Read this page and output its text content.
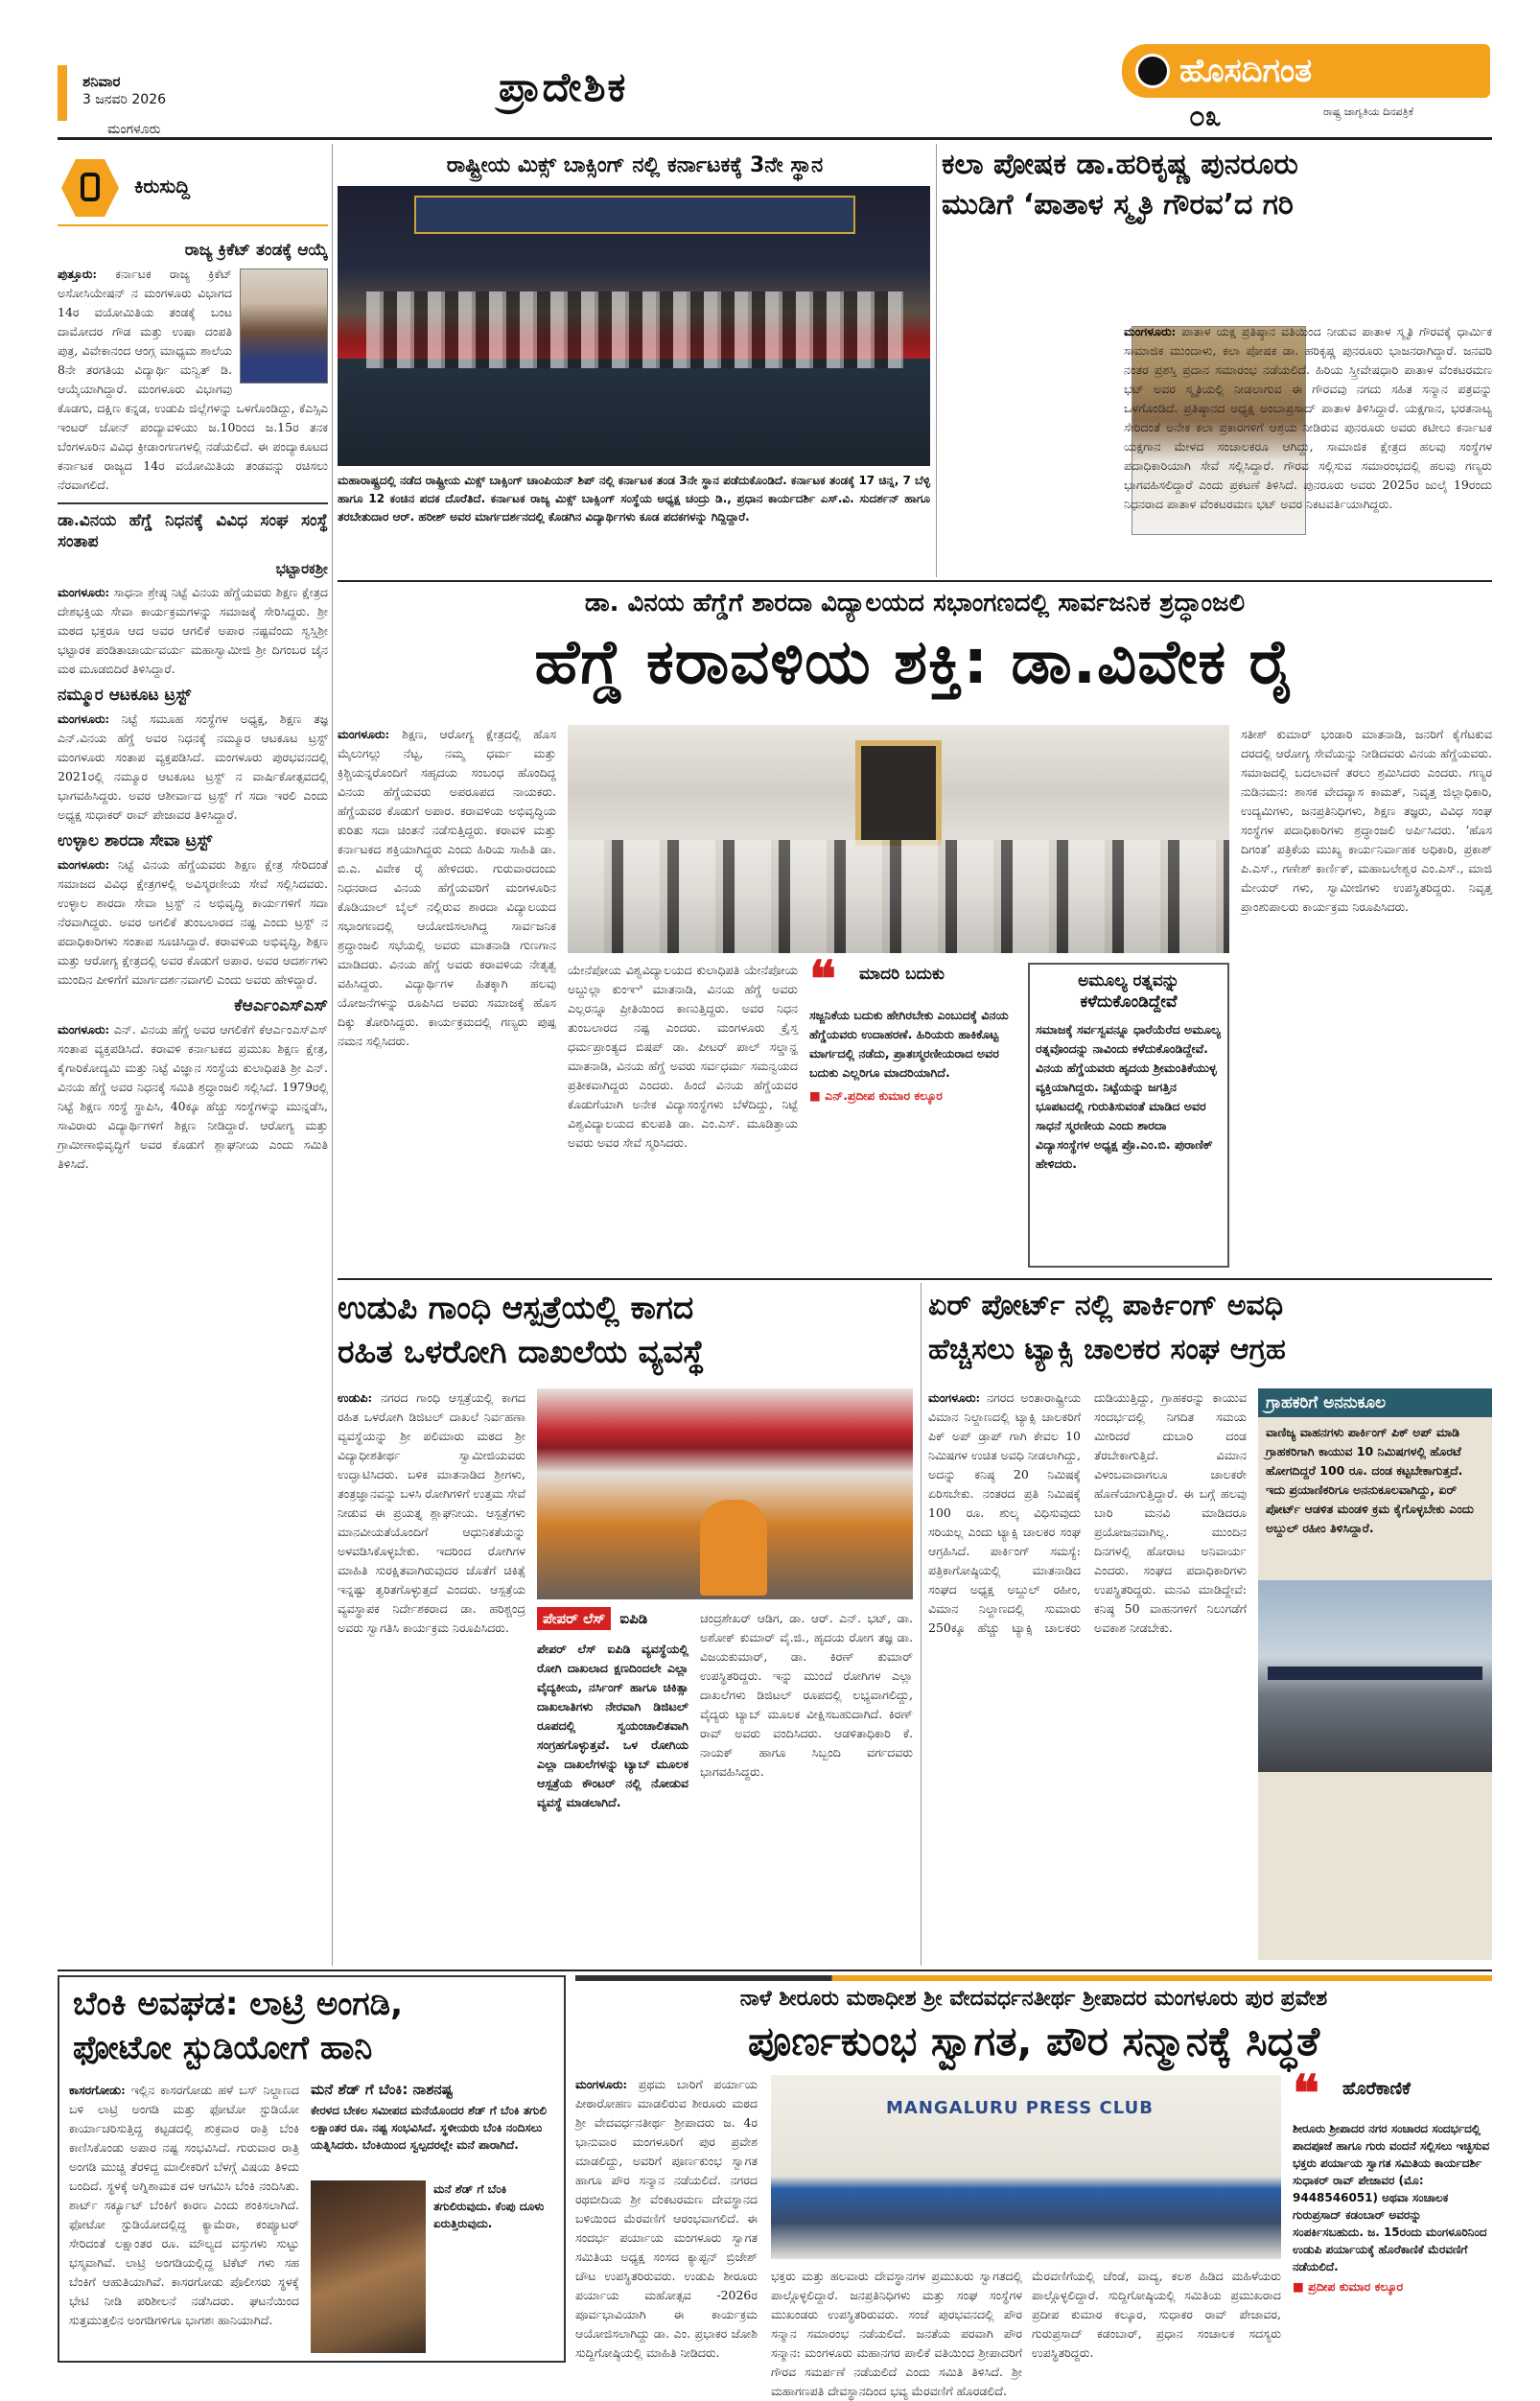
ಶನಿವಾರ
3 ಜನವರಿ 2026
ಮಂಗಳೂರು
ಪ್ರಾದೇಶಿಕ	ಹೊಸದಿಗಂತ
೦೩	ರಾಷ್ಟ್ರ ಜಾಗೃತಿಯ ದಿನಪತ್ರಿಕೆ
ಕಿರುಸುದ್ದಿ
ರಾಜ್ಯ ಕ್ರಿಕೆಟ್ ತಂಡಕ್ಕೆ ಆಯ್ಕೆ

ಪುತ್ತೂರು: ಕರ್ನಾಟಕ ರಾಜ್ಯ ಕ್ರಿಕೆಟ್ ಅಸೋಸಿಯೇಷನ್ ನ ಮಂಗಳೂರು ವಿಭಾಗದ 14ರ ವಯೋಮಿತಿಯ ತಂಡಕ್ಕೆ ಬಂಟ ದಾಮೋದರ ಗೌಡ ಮತ್ತು ಉಷಾ ದಂಪತಿ ಪುತ್ರ, ವಿವೇಕಾನಂದ ಆಂಗ್ಲ ಮಾಧ್ಯಮ ಶಾಲೆಯ 8ನೇ ತರಗತಿಯ ವಿದ್ಯಾರ್ಥಿ ಮನ್ವಿತ್ ಡಿ. ಆಯ್ಕೆಯಾಗಿದ್ದಾರೆ. ಮಂಗಳೂರು ವಿಭಾಗವು ಕೊಡಗು, ದಕ್ಷಿಣ ಕನ್ನಡ, ಉಡುಪಿ ಜಿಲ್ಲೆಗಳನ್ನು ಒಳಗೊಂಡಿದ್ದು, ಕೆಎಸ್ಸಿಎ ಇಂಟರ್ ಜೋನ್ ಪಂದ್ಯಾವಳಿಯು ಜ.10ರಿಂದ ಜ.15ರ ತನಕ ಬೆಂಗಳೂರಿನ ವಿವಿಧ ಕ್ರೀಡಾಂಗಣಗಳಲ್ಲಿ ನಡೆಯಲಿದೆ. ಈ ಪಂದ್ಯಾಕೂಟದ ಕರ್ನಾಟಕ ರಾಜ್ಯದ 14ರ ವಯೋಮಿತಿಯ ತಂಡವನ್ನು ರಚಿಸಲು ನೆರವಾಗಲಿದೆ.

ಡಾ.ವಿನಯ ಹೆಗ್ಡೆ ನಿಧನಕ್ಕೆ ವಿವಿಧ ಸಂಘ ಸಂಸ್ಥೆ ಸಂತಾಪ
ಭಟ್ಟಾರಕಶ್ರೀ

ಮಂಗಳೂರು: ಸಾಧನಾ ಶ್ರೇಷ್ಠ ನಿಟ್ಟೆ ವಿನಯ ಹೆಗ್ಡೆಯವರು ಶಿಕ್ಷಣ ಕ್ಷೇತ್ರದ ದೇಶಭಕ್ತಿಯ ಸೇವಾ ಕಾರ್ಯಕ್ರಮಗಳನ್ನು ಸಮಾಜಕ್ಕೆ ಸೇರಿಸಿದ್ದರು. ಶ್ರೀ ಮಠದ ಭಕ್ತರೂ ಆದ ಅವರ ಆಗಲಿಕೆ ಅಪಾರ ನಷ್ಟವೆಂದು ಸ್ವಸ್ತಿಶ್ರೀ ಭಟ್ಟಾರಕ ಪಂಡಿತಾಚಾರ್ಯವರ್ಯ ಮಹಾಸ್ವಾಮೀಜಿ ಶ್ರೀ ದಿಗಂಬರ ಜೈನ ಮಠ ಮೂಡಬಿದಿರೆ ತಿಳಿಸಿದ್ದಾರೆ.

ನಮ್ಮೂರ ಆಟಕೂಟ ಟ್ರಸ್ಟ್

ಮಂಗಳೂರು: ನಿಟ್ಟೆ ಸಮೂಹ ಸಂಸ್ಥೆಗಳ ಅಧ್ಯಕ್ಷ, ಶಿಕ್ಷಣ ತಜ್ಞ ಎನ್.ವಿನಯ ಹೆಗ್ಡೆ ಅವರ ನಿಧನಕ್ಕೆ ನಮ್ಮೂರ ಆಟಕೂಟ ಟ್ರಸ್ಟ್ ಮಂಗಳೂರು ಸಂತಾಪ ವ್ಯಕ್ತಪಡಿಸಿದೆ. ಮಂಗಳೂರು ಪುರಭವನದಲ್ಲಿ 2021ರಲ್ಲಿ ನಮ್ಮೂರ ಆಟಕೂಟ ಟ್ರಸ್ಟ್ ನ ವಾರ್ಷಿಕೋತ್ಸವದಲ್ಲಿ ಭಾಗವಹಿಸಿದ್ದರು. ಅವರ ಆಶೀರ್ವಾದ ಟ್ರಸ್ಟ್ ಗೆ ಸದಾ ಇರಲಿ ಎಂದು ಅಧ್ಯಕ್ಷ ಸುಧಾಕರ್ ರಾವ್ ಪೇಜಾವರ ತಿಳಿಸಿದ್ದಾರೆ.

ಉಳ್ಳಾಲ ಶಾರದಾ ಸೇವಾ ಟ್ರಸ್ಟ್

ಮಂಗಳೂರು: ನಿಟ್ಟೆ ವಿನಯ ಹೆಗ್ಡೆಯವರು ಶಿಕ್ಷಣ ಕ್ಷೇತ್ರ ಸೇರಿದಂತೆ ಸಮಾಜದ ವಿವಿಧ ಕ್ಷೇತ್ರಗಳಲ್ಲಿ ಅವಿಸ್ಮರಣೀಯ ಸೇವೆ ಸಲ್ಲಿಸಿದವರು. ಉಳ್ಳಾಲ ಶಾರದಾ ಸೇವಾ ಟ್ರಸ್ಟ್ ನ ಅಭಿವೃದ್ಧಿ ಕಾರ್ಯಗಳಿಗೆ ಸದಾ ನೆರವಾಗಿದ್ದರು. ಅವರ ಅಗಲಿಕೆ ತುಂಬಲಾರದ ನಷ್ಟ ಎಂದು ಟ್ರಸ್ಟ್ ನ ಪದಾಧಿಕಾರಿಗಳು ಸಂತಾಪ ಸೂಚಿಸಿದ್ದಾರೆ. ಕರಾವಳಿಯ ಅಭಿವೃದ್ಧಿ, ಶಿಕ್ಷಣ ಮತ್ತು ಆರೋಗ್ಯ ಕ್ಷೇತ್ರದಲ್ಲಿ ಅವರ ಕೊಡುಗೆ ಅಪಾರ. ಅವರ ಆದರ್ಶಗಳು ಮುಂದಿನ ಪೀಳಿಗೆಗೆ ಮಾರ್ಗದರ್ಶನವಾಗಲಿ ಎಂದು ಅವರು ಹೇಳಿದ್ದಾರೆ.

ಕೆಆರ್ಎಂಎಸ್ಎಸ್

ಮಂಗಳೂರು: ಎನ್. ವಿನಯ ಹೆಗ್ಡೆ ಅವರ ಆಗಲಿಕೆಗೆ ಕೆಆರ್ಎಂಎಸ್ಎಸ್ ಸಂತಾಪ ವ್ಯಕ್ತಪಡಿಸಿದೆ. ಕರಾವಳಿ ಕರ್ನಾಟಕದ ಪ್ರಮುಖ ಶಿಕ್ಷಣ ಕ್ಷೇತ್ರ, ಕೈಗಾರಿಕೋದ್ಯಮಿ ಮತ್ತು ನಿಟ್ಟೆ ವಿಜ್ಞಾನ ಸಂಸ್ಥೆಯ ಕುಲಾಧಿಪತಿ ಶ್ರೀ ಎನ್. ವಿನಯ ಹೆಗ್ಡೆ ಅವರ ನಿಧನಕ್ಕೆ ಸಮಿತಿ ಶ್ರದ್ಧಾಂಜಲಿ ಸಲ್ಲಿಸಿದೆ. 1979ರಲ್ಲಿ ನಿಟ್ಟೆ ಶಿಕ್ಷಣ ಸಂಸ್ಥೆ ಸ್ಥಾಪಿಸಿ, 40ಕ್ಕೂ ಹೆಚ್ಚು ಸಂಸ್ಥೆಗಳನ್ನು ಮುನ್ನಡೆಸಿ, ಸಾವಿರಾರು ವಿದ್ಯಾರ್ಥಿಗಳಿಗೆ ಶಿಕ್ಷಣ ನೀಡಿದ್ದಾರೆ. ಆರೋಗ್ಯ ಮತ್ತು ಗ್ರಾಮೀಣಾಭಿವೃದ್ಧಿಗೆ ಅವರ ಕೊಡುಗೆ ಶ್ಲಾಘನೀಯ ಎಂದು ಸಮಿತಿ ತಿಳಿಸಿದೆ.

ರಾಷ್ಟ್ರೀಯ ಮಿಕ್ಸ್ ಬಾಕ್ಸಿಂಗ್ ನಲ್ಲಿ ಕರ್ನಾಟಕಕ್ಕೆ 3ನೇ ಸ್ಥಾನ
ಮಹಾರಾಷ್ಟ್ರದಲ್ಲಿ ನಡೆದ ರಾಷ್ಟ್ರೀಯ ಮಿಕ್ಸ್ ಬಾಕ್ಸಿಂಗ್ ಚಾಂಪಿಯನ್ ಶಿಪ್ ನಲ್ಲಿ ಕರ್ನಾಟಕ ತಂಡ 3ನೇ ಸ್ಥಾನ ಪಡೆದುಕೊಂಡಿದೆ. ಕರ್ನಾಟಕ ತಂಡಕ್ಕೆ 17 ಚಿನ್ನ, 7 ಬೆಳ್ಳಿ ಹಾಗೂ 12 ಕಂಚಿನ ಪದಕ ದೊರೆತಿದೆ. ಕರ್ನಾಟಕ ರಾಜ್ಯ ಮಿಕ್ಸ್ ಬಾಕ್ಸಿಂಗ್ ಸಂಸ್ಥೆಯ ಅಧ್ಯಕ್ಷ ಚಂದ್ರು ಡಿ., ಪ್ರಧಾನ ಕಾರ್ಯದರ್ಶಿ ಎಸ್.ವಿ. ಸುದರ್ಶನ್ ಹಾಗೂ ತರಬೇತುದಾರ ಆರ್. ಹರೀಶ್ ಅವರ ಮಾರ್ಗದರ್ಶನದಲ್ಲಿ ಕೊಡಗಿನ ವಿದ್ಯಾರ್ಥಿಗಳು ಕೂಡ ಪದಕಗಳನ್ನು ಗಿದ್ದಿದ್ದಾರೆ.
ಕಲಾ ಪೋಷಕ ಡಾ.ಹರಿಕೃಷ್ಣ ಪುನರೂರು
ಮುಡಿಗೆ ‘ಪಾತಾಳ ಸ್ಮೃತಿ ಗೌರವ’ದ ಗರಿ

ಮಂಗಳೂರು: ಪಾತಾಳ ಯಕ್ಷ ಪ್ರತಿಷ್ಠಾನ ವತಿಯಿಂದ ನೀಡುವ ಪಾತಾಳ ಸ್ಮೃತಿ ಗೌರವಕ್ಕೆ ಧಾರ್ಮಿಕ ಸಾಮಾಜಿಕ ಮುಂದಾಳು, ಕಲಾ ಪೋಷಕ ಡಾ. ಹರಿಕೃಷ್ಣ ಪುನರೂರು ಭಾಜನರಾಗಿದ್ದಾರೆ. ಜನವರಿ ನಂತರ ಪ್ರಶಸ್ತಿ ಪ್ರದಾನ ಸಮಾರಂಭ ನಡೆಯಲಿದೆ. ಹಿರಿಯ ಸ್ತ್ರೀವೇಷಧಾರಿ ಪಾತಾಳ ವೆಂಕಟರಮಣ ಭಟ್ ಅವರ ಸ್ಮೃತಿಯಲ್ಲಿ ನೀಡಲಾಗುವ ಈ ಗೌರವವು ನಗದು ಸಹಿತ ಸನ್ಮಾನ ಪತ್ರವನ್ನು ಒಳಗೊಂಡಿದೆ. ಪ್ರತಿಷ್ಠಾನದ ಅಧ್ಯಕ್ಷ ಅಂಬಾಪ್ರಸಾದ್ ಪಾತಾಳ ತಿಳಿಸಿದ್ದಾರೆ. ಯಕ್ಷಗಾನ, ಭರತನಾಟ್ಯ ಸೇರಿದಂತೆ ಅನೇಕ ಕಲಾ ಪ್ರಕಾರಗಳಿಗೆ ಆಶ್ರಯ ನೀಡಿರುವ ಪುನರೂರು ಅವರು ಕಟೀಲು ಕರ್ನಾಟಕ ಯಕ್ಷಗಾನ ಮೇಳದ ಸಂಚಾಲಕರೂ ಆಗಿದ್ದು, ಸಾಮಾಜಿಕ ಕ್ಷೇತ್ರದ ಹಲವು ಸಂಸ್ಥೆಗಳ ಪದಾಧಿಕಾರಿಯಾಗಿ ಸೇವೆ ಸಲ್ಲಿಸಿದ್ದಾರೆ. ಗೌರವ ಸಲ್ಲಿಸುವ ಸಮಾರಂಭದಲ್ಲಿ ಹಲವು ಗಣ್ಯರು ಭಾಗವಹಿಸಲಿದ್ದಾರೆ ಎಂದು ಪ್ರಕಟಣೆ ತಿಳಿಸಿದೆ. ಪುನರೂರು ಅವರು 2025ರ ಜುಲೈ 19ರಂದು ನಿಧನರಾದ ಪಾತಾಳ ವೆಂಕಟರಮಣ ಭಟ್ ಅವರ ನಿಕಟವರ್ತಿಯಾಗಿದ್ದರು.

ಡಾ. ವಿನಯ ಹೆಗ್ಡೆಗೆ ಶಾರದಾ ವಿದ್ಯಾಲಯದ ಸಭಾಂಗಣದಲ್ಲಿ ಸಾರ್ವಜನಿಕ ಶ್ರದ್ಧಾಂಜಲಿ
ಹೆಗ್ಡೆ ಕರಾವಳಿಯ ಶಕ್ತಿ: ಡಾ.ವಿವೇಕ ರೈ

ಮಂಗಳೂರು: ಶಿಕ್ಷಣ, ಆರೋಗ್ಯ ಕ್ಷೇತ್ರದಲ್ಲಿ ಹೊಸ ಮೈಲುಗಲ್ಲು ನೆಟ್ಟ, ನಮ್ಮ ಧರ್ಮ ಮತ್ತು ಕ್ರಿಶ್ಚಿಯನ್ನರೊಂದಿಗೆ ಸಹೃದಯ ಸಂಬಂಧ ಹೊಂದಿದ್ದ ವಿನಯ ಹೆಗ್ಡೆಯವರು ಅಪರೂಪದ ನಾಯಕರು. ಹೆಗ್ಡೆಯವರ ಕೊಡುಗೆ ಅಪಾರ. ಕರಾವಳಿಯ ಅಭಿವೃದ್ಧಿಯ ಕುರಿತು ಸದಾ ಚಿಂತನೆ ನಡೆಸುತ್ತಿದ್ದರು. ಕರಾವಳಿ ಮತ್ತು ಕರ್ನಾಟಕದ ಶಕ್ತಿಯಾಗಿದ್ದರು ಎಂದು ಹಿರಿಯ ಸಾಹಿತಿ ಡಾ. ಬಿ.ಎ. ವಿವೇಕ ರೈ ಹೇಳಿದರು. ಗುರುವಾರದಂದು ನಿಧನರಾದ ವಿನಯ ಹೆಗ್ಡೆಯವರಿಗೆ ಮಂಗಳೂರಿನ ಕೊಡಿಯಾಲ್ ಬೈಲ್ ನಲ್ಲಿರುವ ಶಾರದಾ ವಿದ್ಯಾಲಯದ ಸಭಾಂಗಣದಲ್ಲಿ ಆಯೋಜಿಸಲಾಗಿದ್ದ ಸಾರ್ವಜನಿಕ ಶ್ರದ್ಧಾಂಜಲಿ ಸಭೆಯಲ್ಲಿ ಅವರು ಮಾತನಾಡಿ ಗುಣಗಾನ ಮಾಡಿದರು. ವಿನಯ ಹೆಗ್ಡೆ ಅವರು ಕರಾವಳಿಯ ನೇತೃತ್ವ ವಹಿಸಿದ್ದರು. ವಿದ್ಯಾರ್ಥಿಗಳ ಹಿತಕ್ಕಾಗಿ ಹಲವು ಯೋಜನೆಗಳನ್ನು ರೂಪಿಸಿದ ಅವರು ಸಮಾಜಕ್ಕೆ ಹೊಸ ದಿಕ್ಕು ತೋರಿಸಿದ್ದರು. ಕಾರ್ಯಕ್ರಮದಲ್ಲಿ ಗಣ್ಯರು ಪುಷ್ಪ ನಮನ ಸಲ್ಲಿಸಿದರು.

ಯೇನೆಪೋಯ ವಿಶ್ವವಿದ್ಯಾಲಯದ ಕುಲಾಧಿಪತಿ ಯೇನೆಪೋಯ ಅಬ್ದುಲ್ಲಾ ಕುಂಞಿ ಮಾತನಾಡಿ, ವಿನಯ ಹೆಗ್ಡೆ ಅವರು ಎಲ್ಲರನ್ನೂ ಪ್ರೀತಿಯಿಂದ ಕಾಣುತ್ತಿದ್ದರು. ಅವರ ನಿಧನ ತುಂಬಲಾರದ ನಷ್ಟ ಎಂದರು. ಮಂಗಳೂರು ಕ್ರೈಸ್ತ ಧರ್ಮಪ್ರಾಂತ್ಯದ ಬಿಷಪ್ ಡಾ. ಪೀಟರ್ ಪಾಲ್ ಸಲ್ಡಾನ್ಹ ಮಾತನಾಡಿ, ವಿನಯ ಹೆಗ್ಡೆ ಅವರು ಸರ್ವಧರ್ಮ ಸಮನ್ವಯದ ಪ್ರತೀಕವಾಗಿದ್ದರು ಎಂದರು. ಹಿಂದೆ ವಿನಯ ಹೆಗ್ಡೆಯವರ ಕೊಡುಗೆಯಾಗಿ ಅನೇಕ ವಿದ್ಯಾಸಂಸ್ಥೆಗಳು ಬೆಳೆದಿದ್ದು, ನಿಟ್ಟೆ ವಿಶ್ವವಿದ್ಯಾಲಯದ ಕುಲಪತಿ ಡಾ. ಎಂ.ಎಸ್. ಮೂಡಿತ್ತಾಯ ಅವರು ಅವರ ಸೇವೆ ಸ್ಮರಿಸಿದರು.

❝ ಮಾದರಿ ಬದುಕು
ಸಜ್ಜನಿಕೆಯ ಬದುಕು ಹೇಗಿರಬೇಕು ಎಂಬುದಕ್ಕೆ ವಿನಯ ಹೆಗ್ಡೆಯವರು ಉದಾಹರಣೆ. ಹಿರಿಯರು ಹಾಕಿಕೊಟ್ಟ ಮಾರ್ಗದಲ್ಲಿ ನಡೆದು, ಪ್ರಾತಃಸ್ಮರಣೀಯರಾದ ಅವರ ಬದುಕು ಎಲ್ಲರಿಗೂ ಮಾದರಿಯಾಗಿದೆ.
■ ಎನ್.ಪ್ರದೀಪ ಕುಮಾರ ಕಲ್ಕೂರ
ಅಮೂಲ್ಯ ರತ್ನವನ್ನು ಕಳೆದುಕೊಂಡಿದ್ದೇವೆ
ಸಮಾಜಕ್ಕೆ ಸರ್ವಸ್ವವನ್ನೂ ಧಾರೆಯೆರೆದ ಅಮೂಲ್ಯ ರತ್ನವೊಂದನ್ನು ನಾವಿಂದು ಕಳೆದುಕೊಂಡಿದ್ದೇವೆ. ವಿನಯ ಹೆಗ್ಡೆಯವರು ಹೃದಯ ಶ್ರೀಮಂತಿಕೆಯುಳ್ಳ ವ್ಯಕ್ತಿಯಾಗಿದ್ದರು. ನಿಟ್ಟೆಯನ್ನು ಜಗತ್ತಿನ ಭೂಪಟದಲ್ಲಿ ಗುರುತಿಸುವಂತೆ ಮಾಡಿದ ಅವರ ಸಾಧನೆ ಸ್ಮರಣೀಯ ಎಂದು ಶಾರದಾ ವಿದ್ಯಾಸಂಸ್ಥೆಗಳ ಅಧ್ಯಕ್ಷ ಪ್ರೊ.ಎಂ.ಬಿ. ಪುರಾಣಿಕ್ ಹೇಳಿದರು.

ಸತೀಶ್ ಕುಮಾರ್ ಭಂಡಾರಿ ಮಾತನಾಡಿ, ಜನರಿಗೆ ಕೈಗೆಟಕುವ ದರದಲ್ಲಿ ಆರೋಗ್ಯ ಸೇವೆಯನ್ನು ನೀಡಿದವರು ವಿನಯ ಹೆಗ್ಡೆಯವರು. ಸಮಾಜದಲ್ಲಿ ಬದಲಾವಣೆ ತರಲು ಶ್ರಮಿಸಿದರು ಎಂದರು. ಗಣ್ಯರ ನುಡಿನಮನ: ಶಾಸಕ ವೇದವ್ಯಾಸ ಕಾಮತ್, ನಿವೃತ್ತ ಜಿಲ್ಲಾಧಿಕಾರಿ, ಉದ್ಯಮಿಗಳು, ಜನಪ್ರತಿನಿಧಿಗಳು, ಶಿಕ್ಷಣ ತಜ್ಞರು, ವಿವಿಧ ಸಂಘ ಸಂಸ್ಥೆಗಳ ಪದಾಧಿಕಾರಿಗಳು ಶ್ರದ್ಧಾಂಜಲಿ ಅರ್ಪಿಸಿದರು. ‘ಹೊಸ ದಿಗಂತ’ ಪತ್ರಿಕೆಯ ಮುಖ್ಯ ಕಾರ್ಯನಿರ್ವಾಹಕ ಅಧಿಕಾರಿ, ಪ್ರಕಾಶ್ ಪಿ.ಎಸ್., ಗಣೇಶ್ ಕಾರ್ಣಿಕ್, ಮಹಾಬಲೇಶ್ವರ ಎಂ.ಎಸ್., ಮಾಜಿ ಮೇಯರ್ ಗಳು, ಸ್ವಾಮೀಜಿಗಳು ಉಪಸ್ಥಿತರಿದ್ದರು. ನಿವೃತ್ತ ಪ್ರಾಂಶುಪಾಲರು ಕಾರ್ಯಕ್ರಮ ನಿರೂಪಿಸಿದರು.

ಉಡುಪಿ ಗಾಂಧಿ ಆಸ್ಪತ್ರೆಯಲ್ಲಿ ಕಾಗದ
ರಹಿತ ಒಳರೋಗಿ ದಾಖಲೆಯ ವ್ಯವಸ್ಥೆ

ಉಡುಪಿ: ನಗರದ ಗಾಂಧಿ ಆಸ್ಪತ್ರೆಯಲ್ಲಿ ಕಾಗದ ರಹಿತ ಒಳರೋಗಿ ಡಿಜಿಟಲ್ ದಾಖಲೆ ನಿರ್ವಹಣಾ ವ್ಯವಸ್ಥೆಯನ್ನು ಶ್ರೀ ಪಲಿಮಾರು ಮಠದ ಶ್ರೀ ವಿದ್ಯಾಧೀಶತೀರ್ಥ ಸ್ವಾಮೀಜಿಯವರು ಉದ್ಘಾಟಿಸಿದರು. ಬಳಿಕ ಮಾತನಾಡಿದ ಶ್ರೀಗಳು, ತಂತ್ರಜ್ಞಾನವನ್ನು ಬಳಸಿ ರೋಗಿಗಳಿಗೆ ಉತ್ತಮ ಸೇವೆ ನೀಡುವ ಈ ಪ್ರಯತ್ನ ಶ್ಲಾಘನೀಯ. ಆಸ್ಪತ್ರೆಗಳು ಮಾನವೀಯತೆಯೊಂದಿಗೆ ಆಧುನಿಕತೆಯನ್ನು ಅಳವಡಿಸಿಕೊಳ್ಳಬೇಕು. ಇದರಿಂದ ರೋಗಿಗಳ ಮಾಹಿತಿ ಸುರಕ್ಷಿತವಾಗಿರುವುದರ ಜೊತೆಗೆ ಚಿಕಿತ್ಸೆ ಇನ್ನಷ್ಟು ತ್ವರಿತಗೊಳ್ಳುತ್ತದೆ ಎಂದರು. ಆಸ್ಪತ್ರೆಯ ವ್ಯವಸ್ಥಾಪಕ ನಿರ್ದೇಶಕರಾದ ಡಾ. ಹರಿಶ್ಚಂದ್ರ ಅವರು ಸ್ವಾಗತಿಸಿ ಕಾರ್ಯಕ್ರಮ ನಿರೂಪಿಸಿದರು.

ಪೇಪರ್ ಲೆಸ್ ಐಪಿಡಿ
ಪೇಪರ್ ಲೆಸ್ ಐಪಿಡಿ ವ್ಯವಸ್ಥೆಯಲ್ಲಿ ರೋಗಿ ದಾಖಲಾದ ಕ್ಷಣದಿಂದಲೇ ಎಲ್ಲಾ ವೈದ್ಯಕೀಯ, ನರ್ಸಿಂಗ್ ಹಾಗೂ ಚಿಕಿತ್ಸಾ ದಾಖಲಾತಿಗಳು ನೇರವಾಗಿ ಡಿಜಿಟಲ್ ರೂಪದಲ್ಲಿ ಸ್ವಯಂಚಾಲಿತವಾಗಿ ಸಂಗ್ರಹಗೊಳ್ಳುತ್ತವೆ. ಒಳ ರೋಗಿಯ ಎಲ್ಲಾ ದಾಖಲೆಗಳನ್ನು ಟ್ಯಾಬ್ ಮೂಲಕ ಆಸ್ಪತ್ರೆಯ ಕೌಂಟರ್ ನಲ್ಲಿ ನೋಡುವ ವ್ಯವಸ್ಥೆ ಮಾಡಲಾಗಿದೆ.

ಚಂದ್ರಶೇಖರ್ ಆಡಿಗ, ಡಾ. ಆರ್. ಎನ್. ಭಟ್, ಡಾ. ಅಶೋಕ್ ಕುಮಾರ್ ವೈ.ಜಿ., ಹೃದಯ ರೋಗ ತಜ್ಞ ಡಾ. ವಿಜಯಕುಮಾರ್, ಡಾ. ಕಿರಣ್ ಕುಮಾರ್ ಉಪಸ್ಥಿತರಿದ್ದರು. ಇನ್ನು ಮುಂದೆ ರೋಗಿಗಳ ಎಲ್ಲಾ ದಾಖಲೆಗಳು ಡಿಜಿಟಲ್ ರೂಪದಲ್ಲಿ ಲಭ್ಯವಾಗಲಿದ್ದು, ವೈದ್ಯರು ಟ್ಯಾಬ್ ಮೂಲಕ ವೀಕ್ಷಿಸಬಹುದಾಗಿದೆ. ಕಿರಣ್ ರಾವ್ ಅವರು ವಂದಿಸಿದರು. ಆಡಳಿತಾಧಿಕಾರಿ ಕೆ. ನಾಯಕ್ ಹಾಗೂ ಸಿಬ್ಬಂದಿ ವರ್ಗದವರು ಭಾಗವಹಿಸಿದ್ದರು.

ಏರ್ ಪೋರ್ಟ್ ನಲ್ಲಿ ಪಾರ್ಕಿಂಗ್ ಅವಧಿ
ಹೆಚ್ಚಿಸಲು ಟ್ಯಾಕ್ಸಿ ಚಾಲಕರ ಸಂಘ ಆಗ್ರಹ

ಮಂಗಳೂರು: ನಗರದ ಅಂತಾರಾಷ್ಟ್ರೀಯ ವಿಮಾನ ನಿಲ್ದಾಣದಲ್ಲಿ ಟ್ಯಾಕ್ಸಿ ಚಾಲಕರಿಗೆ ಪಿಕ್ ಅಪ್ ಡ್ರಾಪ್ ಗಾಗಿ ಕೇವಲ 10 ನಿಮಿಷಗಳ ಉಚಿತ ಅವಧಿ ನೀಡಲಾಗಿದ್ದು, ಅದನ್ನು ಕನಿಷ್ಠ 20 ನಿಮಿಷಕ್ಕೆ ಏರಿಸಬೇಕು. ನಂತರದ ಪ್ರತಿ ನಿಮಿಷಕ್ಕೆ 100 ರೂ. ಶುಲ್ಕ ವಿಧಿಸುವುದು ಸರಿಯಲ್ಲ ಎಂದು ಟ್ಯಾಕ್ಸಿ ಚಾಲಕರ ಸಂಘ ಆಗ್ರಹಿಸಿದೆ. ಪಾರ್ಕಿಂಗ್ ಸಮಸ್ಯೆ: ಪತ್ರಿಕಾಗೋಷ್ಠಿಯಲ್ಲಿ ಮಾತನಾಡಿದ ಸಂಘದ ಅಧ್ಯಕ್ಷ ಅಬ್ದುಲ್ ರಹೀಂ, ವಿಮಾನ ನಿಲ್ದಾಣದಲ್ಲಿ ಸುಮಾರು 250ಕ್ಕೂ ಹೆಚ್ಚು ಟ್ಯಾಕ್ಸಿ ಚಾಲಕರು ದುಡಿಯುತ್ತಿದ್ದು, ಗ್ರಾಹಕರನ್ನು ಕಾಯುವ ಸಂದರ್ಭದಲ್ಲಿ ನಿಗದಿತ ಸಮಯ ಮೀರಿದರೆ ದುಬಾರಿ ದಂಡ ತೆರಬೇಕಾಗುತ್ತಿದೆ. ವಿಮಾನ ವಿಳಂಬವಾದಾಗಲೂ ಚಾಲಕರೇ ಹೊಣೆಯಾಗುತ್ತಿದ್ದಾರೆ. ಈ ಬಗ್ಗೆ ಹಲವು ಬಾರಿ ಮನವಿ ಮಾಡಿದರೂ ಪ್ರಯೋಜನವಾಗಿಲ್ಲ. ಮುಂದಿನ ದಿನಗಳಲ್ಲಿ ಹೋರಾಟ ಅನಿವಾರ್ಯ ಎಂದರು. ಸಂಘದ ಪದಾಧಿಕಾರಿಗಳು ಉಪಸ್ಥಿತರಿದ್ದರು. ಮನವಿ ಮಾಡಿದ್ದೇವೆ: ಕನಿಷ್ಠ 50 ವಾಹನಗಳಿಗೆ ನಿಲುಗಡೆಗೆ ಅವಕಾಶ ನೀಡಬೇಕು.

ಗ್ರಾಹಕರಿಗೆ ಅನನುಕೂಲ
ವಾಣಿಜ್ಯ ವಾಹನಗಳು ಪಾರ್ಕಿಂಗ್ ಪಿಕ್ ಅಪ್ ಮಾಡಿ ಗ್ರಾಹಕರಿಗಾಗಿ ಕಾಯುವ 10 ನಿಮಿಷಗಳಲ್ಲಿ ಹೊರಟೆ ಹೋಗದಿದ್ದರೆ 100 ರೂ. ದಂಡ ಕಟ್ಟಬೇಕಾಗುತ್ತದೆ. ಇದು ಪ್ರಯಾಣಿಕರಿಗೂ ಅನನುಕೂಲವಾಗಿದ್ದು, ಏರ್ ಪೋರ್ಟ್ ಆಡಳಿತ ಮಂಡಳಿ ಕ್ರಮ ಕೈಗೊಳ್ಳಬೇಕು ಎಂದು ಅಬ್ದುಲ್ ರಹೀಂ ತಿಳಿಸಿದ್ದಾರೆ.
ಬೆಂಕಿ ಅವಘಡ: ಲಾಟ್ರಿ ಅಂಗಡಿ,
ಫೋಟೋ ಸ್ಟುಡಿಯೋಗೆ ಹಾನಿ

ಕಾಸರಗೋಡು: ಇಲ್ಲಿನ ಕಾಸರಗೋಡು ಹಳೆ ಬಸ್ ನಿಲ್ದಾಣದ ಬಳಿ ಲಾಟ್ರಿ ಅಂಗಡಿ ಮತ್ತು ಫೋಟೋ ಸ್ಟುಡಿಯೋ ಕಾರ್ಯಾಚರಿಸುತ್ತಿದ್ದ ಕಟ್ಟಡದಲ್ಲಿ ಶುಕ್ರವಾರ ರಾತ್ರಿ ಬೆಂಕಿ ಕಾಣಿಸಿಕೊಂಡು ಅಪಾರ ನಷ್ಟ ಸಂಭವಿಸಿದೆ. ಗುರುವಾರ ರಾತ್ರಿ ಅಂಗಡಿ ಮುಚ್ಚಿ ತೆರಳಿದ್ದ ಮಾಲೀಕರಿಗೆ ಬೆಳಗ್ಗೆ ವಿಷಯ ತಿಳಿದು ಬಂದಿದೆ. ಸ್ಥಳಕ್ಕೆ ಅಗ್ನಿಶಾಮಕ ದಳ ಆಗಮಿಸಿ ಬೆಂಕಿ ನಂದಿಸಿತು. ಶಾರ್ಟ್ ಸರ್ಕ್ಯೂಟ್ ಬೆಂಕಿಗೆ ಕಾರಣ ಎಂದು ಶಂಕಿಸಲಾಗಿದೆ. ಫೋಟೋ ಸ್ಟುಡಿಯೋದಲ್ಲಿದ್ದ ಕ್ಯಾಮೆರಾ, ಕಂಪ್ಯೂಟರ್ ಸೇರಿದಂತೆ ಲಕ್ಷಾಂತರ ರೂ. ಮೌಲ್ಯದ ವಸ್ತುಗಳು ಸುಟ್ಟು ಭಸ್ಮವಾಗಿವೆ. ಲಾಟ್ರಿ ಅಂಗಡಿಯಲ್ಲಿದ್ದ ಟಿಕೆಟ್ ಗಳು ಸಹ ಬೆಂಕಿಗೆ ಆಹುತಿಯಾಗಿವೆ. ಕಾಸರಗೋಡು ಪೊಲೀಸರು ಸ್ಥಳಕ್ಕೆ ಭೇಟಿ ನೀಡಿ ಪರಿಶೀಲನೆ ನಡೆಸಿದರು. ಘಟನೆಯಿಂದ ಸುತ್ತಮುತ್ತಲಿನ ಅಂಗಡಿಗಳಿಗೂ ಭಾಗಶಃ ಹಾನಿಯಾಗಿದೆ.

ಮನೆ ಶೆಡ್ ಗೆ ಬೆಂಕಿ: ನಾಶನಷ್ಟ
ಕೇರಳದ ಬೇಕಲ ಸಮೀಪದ ಮನೆಯೊಂದರ ಶೆಡ್ ಗೆ ಬೆಂಕಿ ತಗುಲಿ ಲಕ್ಷಾಂತರ ರೂ. ನಷ್ಟ ಸಂಭವಿಸಿದೆ. ಸ್ಥಳೀಯರು ಬೆಂಕಿ ನಂದಿಸಲು ಯತ್ನಿಸಿದರು. ಬೆಂಕಿಯಿಂದ ಸ್ವಲ್ಪದರಲ್ಲೇ ಮನೆ ಪಾರಾಗಿದೆ.
ಮನೆ ಶೆಡ್ ಗೆ ಬೆಂಕಿ ತಗುಲಿರುವುದು. ಕೆಂಪು ದೂಳು ಏರುತ್ತಿರುವುದು.
ನಾಳೆ ಶೀರೂರು ಮಠಾಧೀಶ ಶ್ರೀ ವೇದವರ್ಧನತೀರ್ಥ ಶ್ರೀಪಾದರ ಮಂಗಳೂರು ಪುರ ಪ್ರವೇಶ
ಪೂರ್ಣಕುಂಭ ಸ್ವಾಗತ, ಪೌರ ಸನ್ಮಾನಕ್ಕೆ ಸಿದ್ಧತೆ

ಮಂಗಳೂರು: ಪ್ರಥಮ ಬಾರಿಗೆ ಪರ್ಯಾಯ ಪೀಠಾರೋಹಣ ಮಾಡಲಿರುವ ಶೀರೂರು ಮಠದ ಶ್ರೀ ವೇದವರ್ಧನತೀರ್ಥ ಶ್ರೀಪಾದರು ಜ. 4ರ ಭಾನುವಾರ ಮಂಗಳೂರಿಗೆ ಪುರ ಪ್ರವೇಶ ಮಾಡಲಿದ್ದು, ಅವರಿಗೆ ಪೂರ್ಣಕುಂಭ ಸ್ವಾಗತ ಹಾಗೂ ಪೌರ ಸನ್ಮಾನ ನಡೆಯಲಿದೆ. ನಗರದ ರಥಬೀದಿಯ ಶ್ರೀ ವೆಂಕಟರಮಣ ದೇವಸ್ಥಾನದ ಬಳಿಯಿಂದ ಮೆರವಣಿಗೆ ಆರಂಭವಾಗಲಿದೆ. ಈ ಸಂದರ್ಭ ಪರ್ಯಾಯ ಮಂಗಳೂರು ಸ್ವಾಗತ ಸಮಿತಿಯ ಅಧ್ಯಕ್ಷ ಸಂಸದ ಕ್ಯಾಪ್ಟನ್ ಬ್ರಿಜೇಶ್ ಚೌಟ ಉಪಸ್ಥಿತರಿರುವರು. ಉಡುಪಿ ಶೀರೂರು ಪರ್ಯಾಯ ಮಹೋತ್ಸವ -2026ರ ಪೂರ್ವಭಾವಿಯಾಗಿ ಈ ಕಾರ್ಯಕ್ರಮ ಆಯೋಜಿಸಲಾಗಿದ್ದು ಡಾ. ಎಂ. ಪ್ರಭಾಕರ ಜೋಶಿ ಸುದ್ದಿಗೋಷ್ಠಿಯಲ್ಲಿ ಮಾಹಿತಿ ನೀಡಿದರು.

MANGALURU PRESS CLUB

ಭಕ್ತರು ಮತ್ತು ಹಲವಾರು ದೇವಸ್ಥಾನಗಳ ಪ್ರಮುಖರು ಸ್ವಾಗತದಲ್ಲಿ ಪಾಲ್ಗೊಳ್ಳಲಿದ್ದಾರೆ. ಜನಪ್ರತಿನಿಧಿಗಳು ಮತ್ತು ಸಂಘ ಸಂಸ್ಥೆಗಳ ಮುಖಂಡರು ಉಪಸ್ಥಿತರಿರುವರು. ಸಂಜೆ ಪುರಭವನದಲ್ಲಿ ಪೌರ ಸನ್ಮಾನ ಸಮಾರಂಭ ನಡೆಯಲಿದೆ. ಜನತೆಯ ಪರವಾಗಿ ಪೌರ ಸನ್ಮಾನ: ಮಂಗಳೂರು ಮಹಾನಗರ ಪಾಲಿಕೆ ವತಿಯಿಂದ ಶ್ರೀಪಾದರಿಗೆ ಗೌರವ ಸಮರ್ಪಣೆ ನಡೆಯಲಿದೆ ಎಂದು ಸಮಿತಿ ತಿಳಿಸಿದೆ. ಶ್ರೀ ಮಹಾಗಣಪತಿ ದೇವಸ್ಥಾನದಿಂದ ಭವ್ಯ ಮೆರವಣಿಗೆ ಹೊರಡಲಿದೆ.

ಮೆರವಣಿಗೆಯಲ್ಲಿ ಚೆಂಡೆ, ವಾದ್ಯ, ಕಲಶ ಹಿಡಿದ ಮಹಿಳೆಯರು ಪಾಲ್ಗೊಳ್ಳಲಿದ್ದಾರೆ. ಸುದ್ದಿಗೋಷ್ಠಿಯಲ್ಲಿ ಸಮಿತಿಯ ಪ್ರಮುಖರಾದ ಪ್ರದೀಪ ಕುಮಾರ ಕಲ್ಕೂರ, ಸುಧಾಕರ ರಾವ್ ಪೇಜಾವರ, ಗುರುಪ್ರಸಾದ್ ಕಡಂಬಾರ್, ಪ್ರಧಾನ ಸಂಚಾಲಕ ಸದಸ್ಯರು ಉಪಸ್ಥಿತರಿದ್ದರು.

❝ ಹೊರೆಕಾಣಿಕೆ
ಶೀರೂರು ಶ್ರೀಪಾದರ ನಗರ ಸಂಚಾರದ ಸಂದರ್ಭದಲ್ಲಿ ಪಾದಪೂಜೆ ಹಾಗೂ ಗುರು ವಂದನೆ ಸಲ್ಲಿಸಲು ಇಚ್ಛಿಸುವ ಭಕ್ತರು ಪರ್ಯಾಯ ಸ್ವಾಗತ ಸಮಿತಿಯ ಕಾರ್ಯದರ್ಶಿ ಸುಧಾಕರ್ ರಾವ್ ಪೇಜಾವರ (ಮೊ: 9448546051) ಅಥವಾ ಸಂಚಾಲಕ ಗುರುಪ್ರಸಾದ್ ಕಡಂಬಾರ್ ಅವರನ್ನು ಸಂಪರ್ಕಿಸಬಹುದು. ಜ. 15ರಂದು ಮಂಗಳೂರಿನಿಂದ ಉಡುಪಿ ಪರ್ಯಾಯಕ್ಕೆ ಹೊರೆಕಾಣಿಕೆ ಮೆರವಣಿಗೆ ನಡೆಯಲಿದೆ.
■ ಪ್ರದೀಪ ಕುಮಾರ ಕಲ್ಕೂರ
